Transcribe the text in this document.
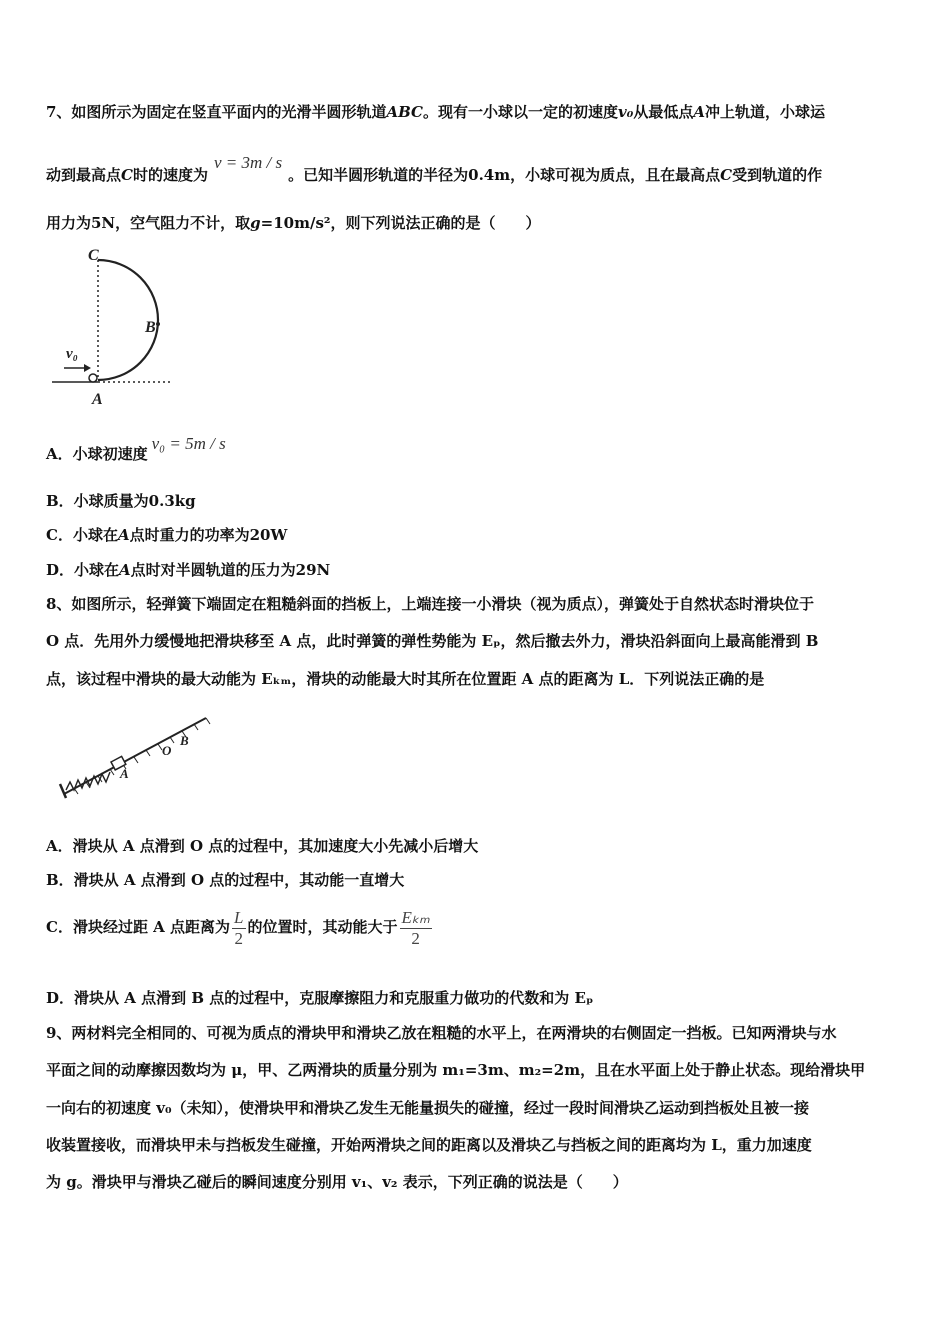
7、如图所示为固定在竖直平面内的光滑半圆形轨道ABC。现有一小球以一定的初速度v₀从最低点A冲上轨道，小球运
动到最高点C时的速度为v = 3m / s。已知半圆形轨道的半径为0.4m，小球可视为质点，且在最高点C受到轨道的作
用力为5N，空气阻力不计，取g=10m/s²，则下列说法正确的是（　　）
v₀
C
B
A
A．小球初速度v₀ = 5m / s
B．小球质量为0.3kg
C．小球在A点时重力的功率为20W
D．小球在A点时对半圆轨道的压力为29N
8、如图所示，轻弹簧下端固定在粗糙斜面的挡板上，上端连接一小滑块（视为质点），弹簧处于自然状态时滑块位于
O 点．先用外力缓慢地把滑块移至 A 点，此时弹簧的弹性势能为 Eₚ，然后撤去外力，滑块沿斜面向上最高能滑到 B
点，该过程中滑块的最大动能为 Eₖₘ，滑块的动能最大时其所在位置距 A 点的距离为 L．下列说法正确的是
A
O
B
A．滑块从 A 点滑到 O 点的过程中，其加速度大小先减小后增大
B．滑块从 A 点滑到 O 点的过程中，其动能一直增大
C．滑块经过距 A 点距离为 $\frac{L}{2}$ 的位置时，其动能大于 $\frac{\text{Eₖₘ}}{2}$
D．滑块从 A 点滑到 B 点的过程中，克服摩擦阻力和克服重力做功的代数和为 Eₚ
9、两材料完全相同的、可视为质点的滑块甲和滑块乙放在粗糙的水平上，在两滑块的右侧固定一挡板。已知两滑块与水
平面之间的动摩擦因数均为 μ，甲、乙两滑块的质量分别为 m₁=3m、m₂=2m，且在水平面上处于静止状态。现给滑块甲
一向右的初速度 v₀（未知），使滑块甲和滑块乙发生无能量损失的碰撞，经过一段时间滑块乙运动到挡板处且被一接
收装置接收，而滑块甲未与挡板发生碰撞，开始两滑块之间的距离以及滑块乙与挡板之间的距离均为 L，重力加速度
为 g。滑块甲与滑块乙碰后的瞬间速度分别用 v₁、v₂ 表示，下列正确的说法是（　　）
